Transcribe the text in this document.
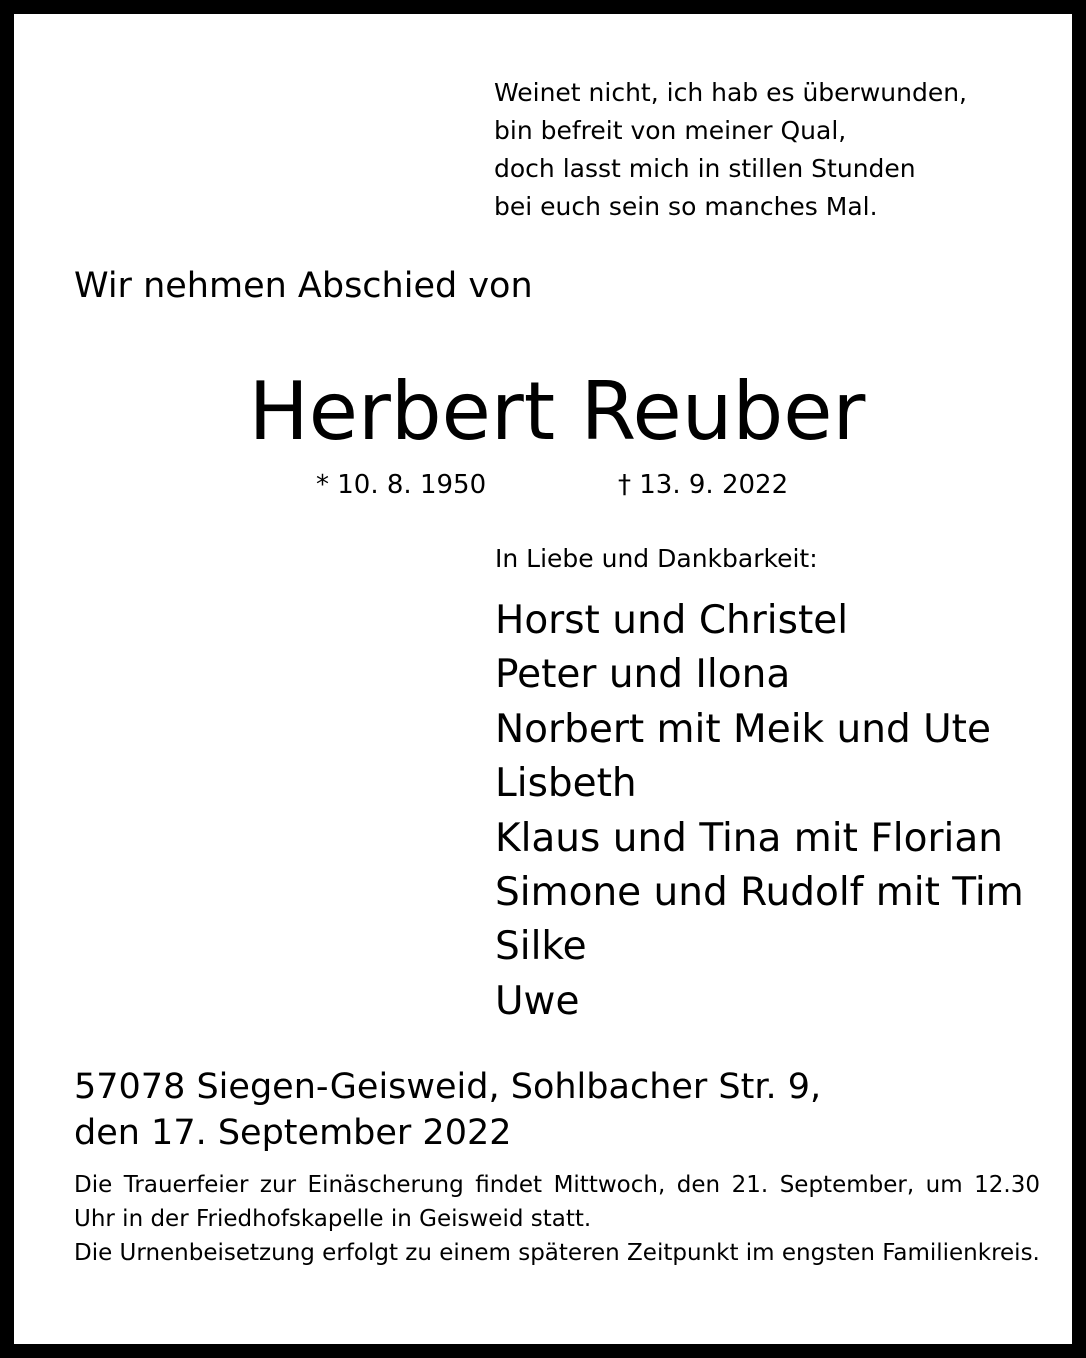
Weinet nicht, ich hab es überwunden,
bin befreit von meiner Qual,
doch lasst mich in stillen Stunden
bei euch sein so manches Mal.
Wir nehmen Abschied von
Herbert Reuber
* 10. 8. 1950	† 13. 9. 2022
In Liebe und Dankbarkeit:
Horst und Christel
Peter und Ilona
Norbert mit Meik und Ute
Lisbeth
Klaus und Tina mit Florian
Simone und Rudolf mit Tim
Silke
Uwe
57078 Siegen-Geisweid, Sohlbacher Str. 9,
den 17. September 2022

Die Trauerfeier zur Einäscherung findet Mittwoch, den 21. September, um 12.30 Uhr in der Friedhofskapelle in Geisweid statt.

Die Urnenbeisetzung erfolgt zu einem späteren Zeitpunkt im engsten Familienkreis.
